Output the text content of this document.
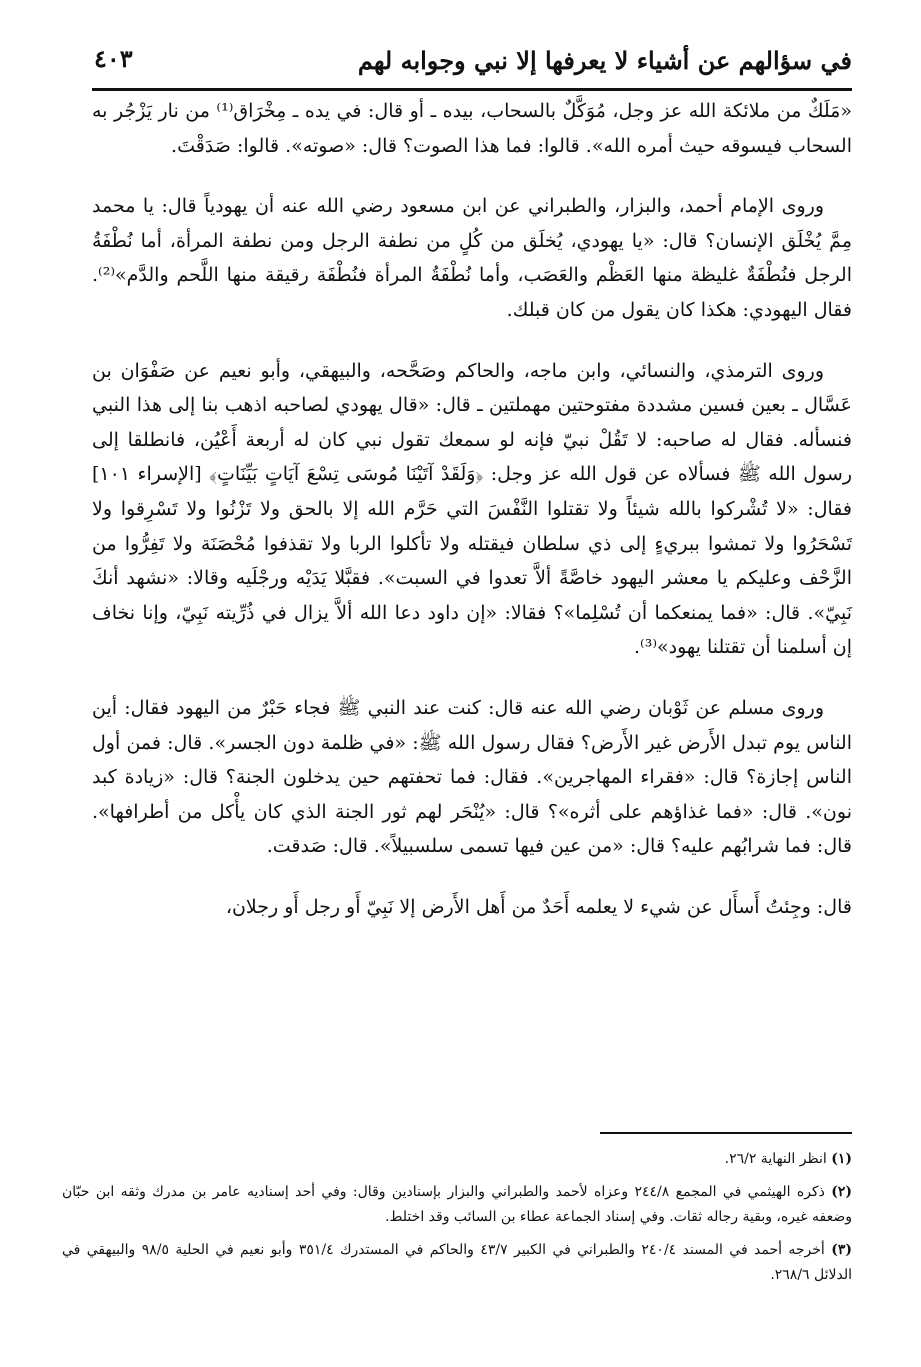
في سؤالهم عن أشياء لا يعرفها إلا نبي وجوابه لهم
٤٠٣

«مَلَكٌ من ملائكة الله عز وجل، مُوَكَّلٌ بالسحاب، بيده ـ أو قال: في يده ـ مِخْرَاق⁽¹⁾ من نار يَزْجُر به السحاب فيسوقه حيث أمره الله». قالوا: فما هذا الصوت؟ قال: «صوته». قالوا: صَدَقْتَ.

وروى الإمام أحمد، والبزار، والطبراني عن ابن مسعود رضي الله عنه أن يهودياً قال: يا محمد مِمَّ يُخْلَق الإنسان؟ قال: «يا يهودي، يُخلَق من كُلٍ من نطفة الرجل ومن نطفة المرأة، أما نُطْفَةُ الرجل فنُطْفَةٌ غليظة منها العَظْم والعَصَب، وأما نُطْفَةُ المرأة فنُطْفَة رقيقة منها اللَّحم والدَّم»⁽²⁾. فقال اليهودي: هكذا كان يقول من كان قبلك.

وروى الترمذي، والنسائي، وابن ماجه، والحاكم وصَحَّحه، والبيهقي، وأبو نعيم عن صَفْوَان بن عَسَّال ـ بعين فسين مشددة مفتوحتين مهملتين ـ قال: «قال يهودي لصاحبه اذهب بنا إلى هذا النبي فنسأله. فقال له صاحبه: لا تَقُلْ نبيّ فإنه لو سمعك تقول نبي كان له أربعة أَعْيُن، فانطلقا إلى رسول الله ﷺ فسألاه عن قول الله عز وجل: ﴿وَلَقَدْ آتَيْنَا مُوسَى تِسْعَ آيَاتٍ بَيِّنَاتٍ﴾ [الإسراء ١٠١] فقال: «لا تُشْركوا بالله شيئاً ولا تقتلوا النَّفْسَ التي حَرَّم الله إلا بالحق ولا تَزْنُوا ولا تَسْرِقوا ولا تَسْحَرُوا ولا تمشوا ببريءٍ إلى ذي سلطان فيقتله ولا تأكلوا الربا ولا تقذفوا مُحْصَنَة ولا تَفِرُّوا من الزَّحْف وعليكم يا معشر اليهود خاصَّةً ألاَّ تعدوا في السبت». فقبَّلا يَدَيْه ورجْلَيه وقالا: «نشهد أنكَ نَبِيّ». قال: «فما يمنعكما أن تُسْلِما»؟ فقالا: «إن داود دعا الله ألاَّ يزال في ذُرِّيته نَبِيّ، وإنا نخاف إن أسلمنا أن تقتلنا يهود»⁽³⁾.

وروى مسلم عن ثَوْبان رضي الله عنه قال: كنت عند النبي ﷺ فجاء حَبْرٌ من اليهود فقال: أين الناس يوم تبدل الأَرض غير الأَرض؟ فقال رسول الله ﷺ: «في ظلمة دون الجسر». قال: فمن أول الناس إجازة؟ قال: «فقراء المهاجرين». فقال: فما تحفتهم حين يدخلون الجنة؟ قال: «زيادة كبد نون». قال: «فما غذاؤهم على أثره»؟ قال: «يُنْحَر لهم ثور الجنة الذي كان يأْكل من أطرافها». قال: فما شرابُهم عليه؟ قال: «من عين فيها تسمى سلسبيلاً». قال: صَدقت.

قال: وجِئتُ أَسأَل عن شيء لا يعلمه أَحَدٌ من أَهل الأَرض إلا نَبِيّ أَو رجل أَو رجلان،

(١) انظر النهاية ٢٦/٢.

(٢) ذكره الهيثمي في المجمع ٢٤٤/٨ وعزاه لأحمد والطبراني والبزار بإسنادين وقال: وفي أحد إسناديه عامر بن مدرك وثقه ابن حبّان وضعفه غيره، وبقية رجاله ثقات. وفي إسناد الجماعة عطاء بن السائب وقد اختلط.

(٣) أخرجه أحمد في المسند ٢٤٠/٤ والطبراني في الكبير ٤٣/٧ والحاكم في المستدرك ٣٥١/٤ وأبو نعيم في الحلية ٩٨/٥ والبيهقي في الدلائل ٢٦٨/٦.
